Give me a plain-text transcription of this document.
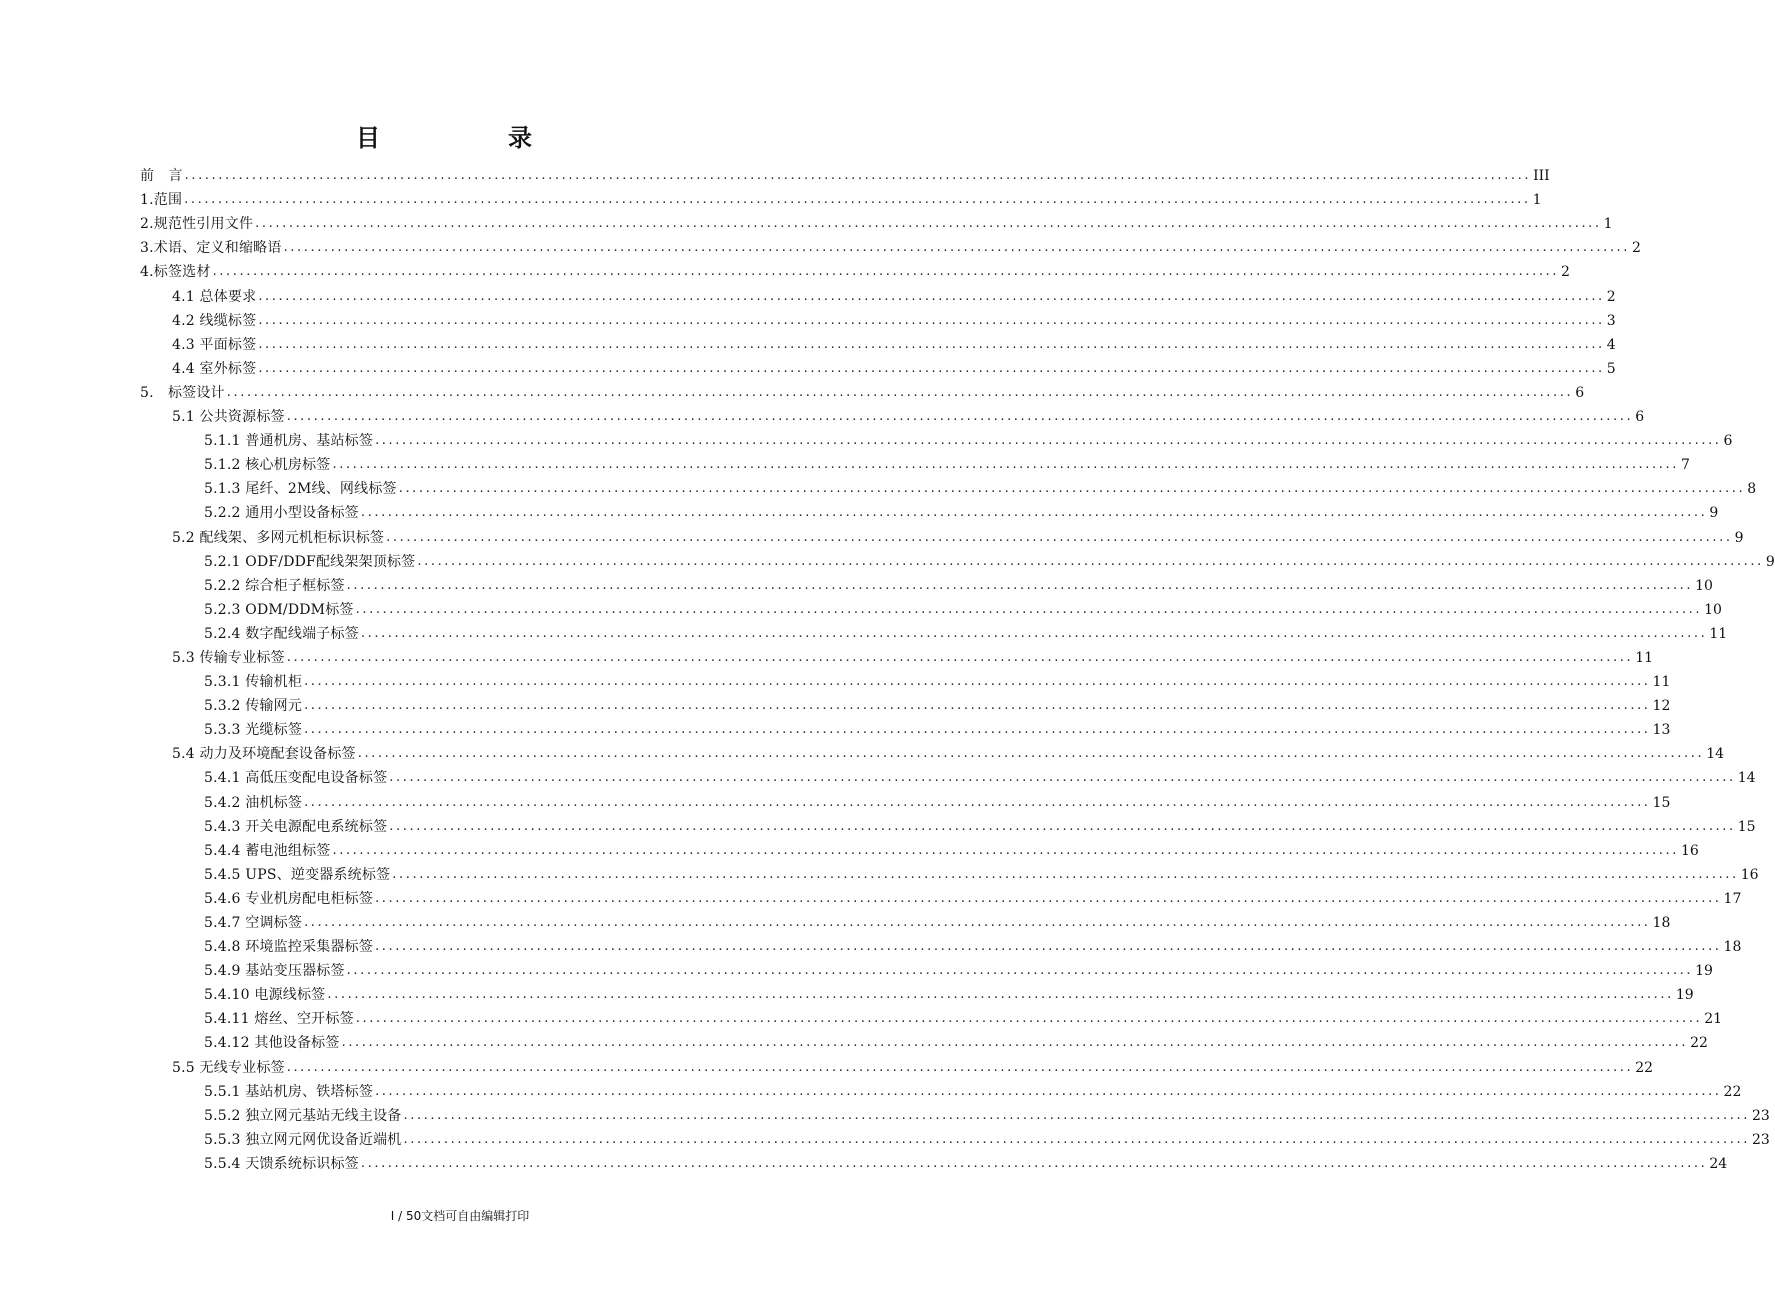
目　录
前　言 ........................................................................................................................................................................................................ III
1.范围 ........................................................................................................................................................................................................ 1
2.规范性引用文件 ........................................................................................................................................................................................................ 1
3.术语、定义和缩略语 ........................................................................................................................................................................................................ 2
4.标签选材 ........................................................................................................................................................................................................ 2
4.1 总体要求 ........................................................................................................................................................................................................ 2
4.2 线缆标签 ........................................................................................................................................................................................................ 3
4.3 平面标签 ........................................................................................................................................................................................................ 4
4.4 室外标签 ........................................................................................................................................................................................................ 5
5.　标签设计 ........................................................................................................................................................................................................ 6
5.1 公共资源标签 ........................................................................................................................................................................................................ 6
5.1.1 普通机房、基站标签 ........................................................................................................................................................................................................ 6
5.1.2 核心机房标签 ........................................................................................................................................................................................................ 7
5.1.3 尾纤、2M线、网线标签 ........................................................................................................................................................................................................ 8
5.2.2 通用小型设备标签 ........................................................................................................................................................................................................ 9
5.2 配线架、多网元机柜标识标签 ........................................................................................................................................................................................................ 9
5.2.1 ODF/DDF配线架架顶标签 ........................................................................................................................................................................................................ 9
5.2.2 综合柜子框标签 ........................................................................................................................................................................................................ 10
5.2.3 ODM/DDM标签 ........................................................................................................................................................................................................ 10
5.2.4 数字配线端子标签 ........................................................................................................................................................................................................ 11
5.3 传输专业标签 ........................................................................................................................................................................................................ 11
5.3.1 传输机柜 ........................................................................................................................................................................................................ 11
5.3.2 传输网元 ........................................................................................................................................................................................................ 12
5.3.3 光缆标签 ........................................................................................................................................................................................................ 13
5.4 动力及环境配套设备标签 ........................................................................................................................................................................................................ 14
5.4.1 高低压变配电设备标签 ........................................................................................................................................................................................................ 14
5.4.2 油机标签 ........................................................................................................................................................................................................ 15
5.4.3 开关电源配电系统标签 ........................................................................................................................................................................................................ 15
5.4.4 蓄电池组标签 ........................................................................................................................................................................................................ 16
5.4.5 UPS、逆变器系统标签 ........................................................................................................................................................................................................ 16
5.4.6 专业机房配电柜标签 ........................................................................................................................................................................................................ 17
5.4.7 空调标签 ........................................................................................................................................................................................................ 18
5.4.8 环境监控采集器标签 ........................................................................................................................................................................................................ 18
5.4.9 基站变压器标签 ........................................................................................................................................................................................................ 19
5.4.10 电源线标签 ........................................................................................................................................................................................................ 19
5.4.11 熔丝、空开标签 ........................................................................................................................................................................................................ 21
5.4.12 其他设备标签 ........................................................................................................................................................................................................ 22
5.5 无线专业标签 ........................................................................................................................................................................................................ 22
5.5.1 基站机房、铁塔标签 ........................................................................................................................................................................................................ 22
5.5.2 独立网元基站无线主设备 ........................................................................................................................................................................................................ 23
5.5.3 独立网元网优设备近端机 ........................................................................................................................................................................................................ 23
5.5.4 天馈系统标识标签 ........................................................................................................................................................................................................ 24
I / 50文档可自由编辑打印
